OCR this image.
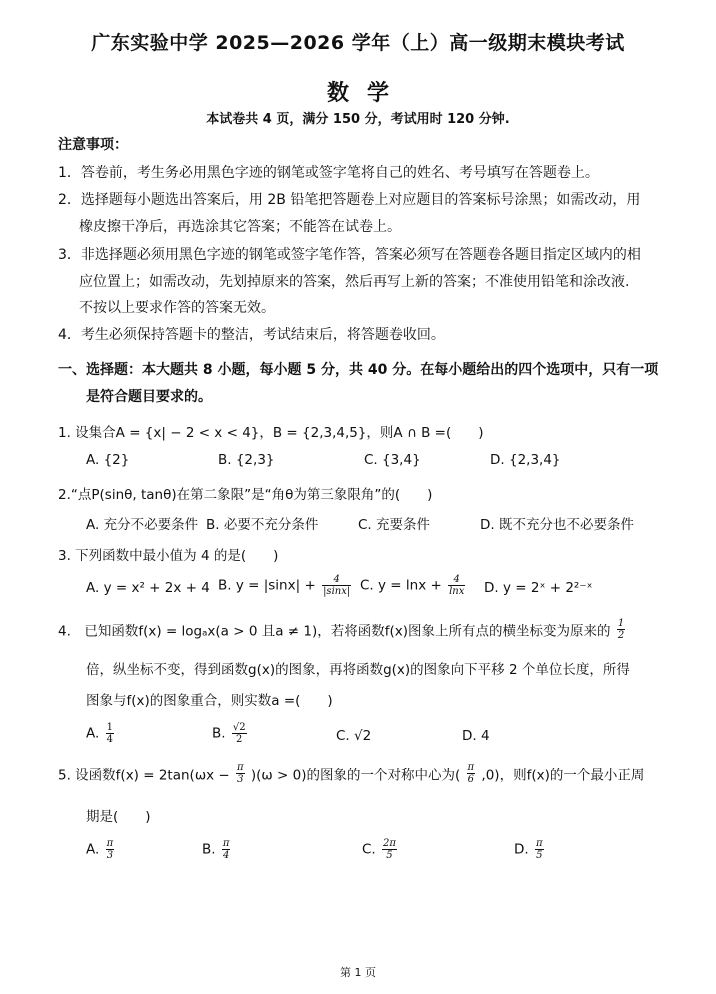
广东实验中学 2025—2026 学年（上）高一级期末模块考试
数学
本试卷共 4 页，满分 150 分，考试用时 120 分钟.
注意事项：
1．答卷前，考生务必用黑色字迹的钢笔或签字笔将自己的姓名、考号填写在答题卷上。
2．选择题每小题选出答案后，用 2B 铅笔把答题卷上对应题目的答案标号涂黑；如需改动，用
橡皮擦干净后，再选涂其它答案；不能答在试卷上。
3．非选择题必须用黑色字迹的钢笔或签字笔作答，答案必须写在答题卷各题目指定区域内的相
应位置上；如需改动，先划掉原来的答案，然后再写上新的答案；不准使用铅笔和涂改液.
不按以上要求作答的答案无效。
4．考生必须保持答题卡的整洁，考试结束后，将答题卷收回。
一、选择题：本大题共 8 小题，每小题 5 分，共 40 分。在每小题给出的四个选项中，只有一项
是符合题目要求的。
1. 设集合A = {x| − 2 < x < 4}，B = {2,3,4,5}，则A ∩ B =(　　)
A. {2}	B. {2,3}	C. {3,4}	D. {2,3,4}
2.“点P(sinθ, tanθ)在第二象限”是“角θ为第三象限角”的(　　)
A. 充分不必要条件 B. 必要不充分条件	C. 充要条件	D. 既不充分也不必要条件
3. 下列函数中最小值为 4 的是(　　)
A. y = x² + 2x + 4 B. $y = |\sin x| + \frac{4}{|\sin x|} C$. $y = \ln x + \frac{4}{\ln x} D$. y = 2ˣ + 2²⁻ˣ
4.　已知函数f(x) = logₐx(a > 0 且a ≠ 1)，若将函数f(x)图象上所有点的横坐标变为原来的 $\frac{1}{2}$
倍，纵坐标不变，得到函数g(x)的图象，再将函数g(x)的图象向下平移 2 个单位长度，所得
图象与f(x)的图象重合，则实数a =(　　)
A. $\frac{1}{4}$	B. $\frac{√2}{2}$	C. √2	D. 4
5. 设函数$f(x) = 2\tan(\omega x - \frac{\pi}{3} )(\omega > 0)$的图象的一个对称中心为( $\frac{\pi}{6} ,0$)，则f(x)的一个最小正周
期是(　　)
A. $\frac{\pi}{3}$	B. $\frac{\pi}{4}$	C. $\frac{2\pi}{5}$	D. $\frac{\pi}{5}$
第 1 页
